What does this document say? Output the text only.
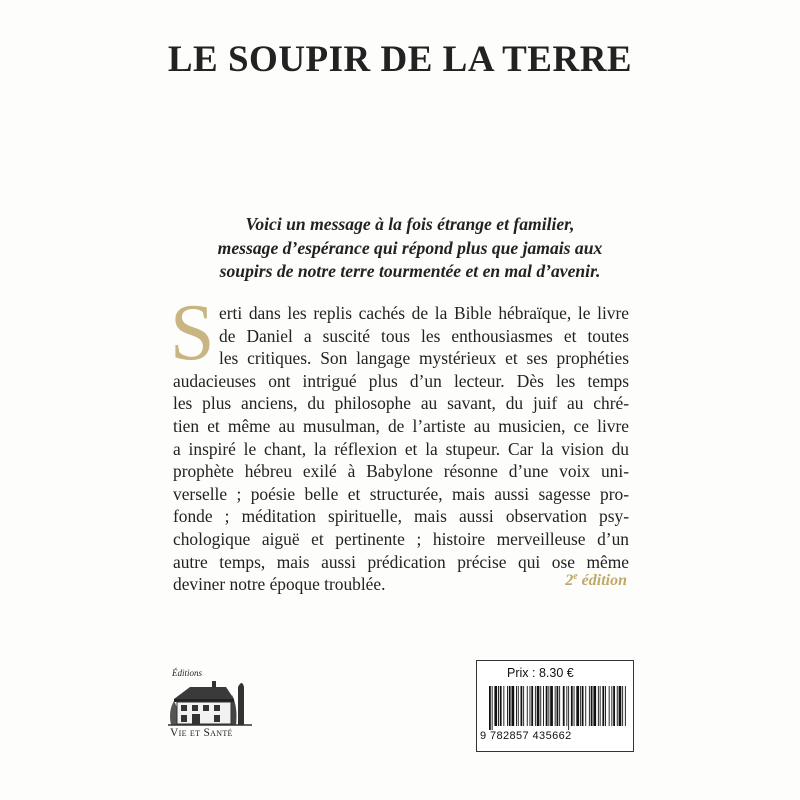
LE SOUPIR DE LA TERRE
Voici un message à la fois étrange et familier,
message d’espérance qui répond plus que jamais aux
soupirs de notre terre tourmentée et en mal d’avenir.
S erti dans les replis cachés de la Bible hébraïque, le livre
de Daniel a suscité tous les enthousiasmes et toutes
les critiques. Son langage mystérieux et ses prophéties
audacieuses ont intrigué plus d’un lecteur. Dès les temps
les plus anciens, du philosophe au savant, du juif au chré-
tien et même au musulman, de l’artiste au musicien, ce livre
a inspiré le chant, la réflexion et la stupeur. Car la vision du
prophète hébreu exilé à Babylone résonne d’une voix uni-
verselle ; poésie belle et structurée, mais aussi sagesse pro-
fonde ; méditation spirituelle, mais aussi observation psy-
chologique aiguë et pertinente ; histoire merveilleuse d’un
autre temps, mais aussi prédication précise qui ose même
deviner notre époque troublée.	2e édition
Éditions
Vie et Santé
Prix : 8.30 €
9 782857 435662
